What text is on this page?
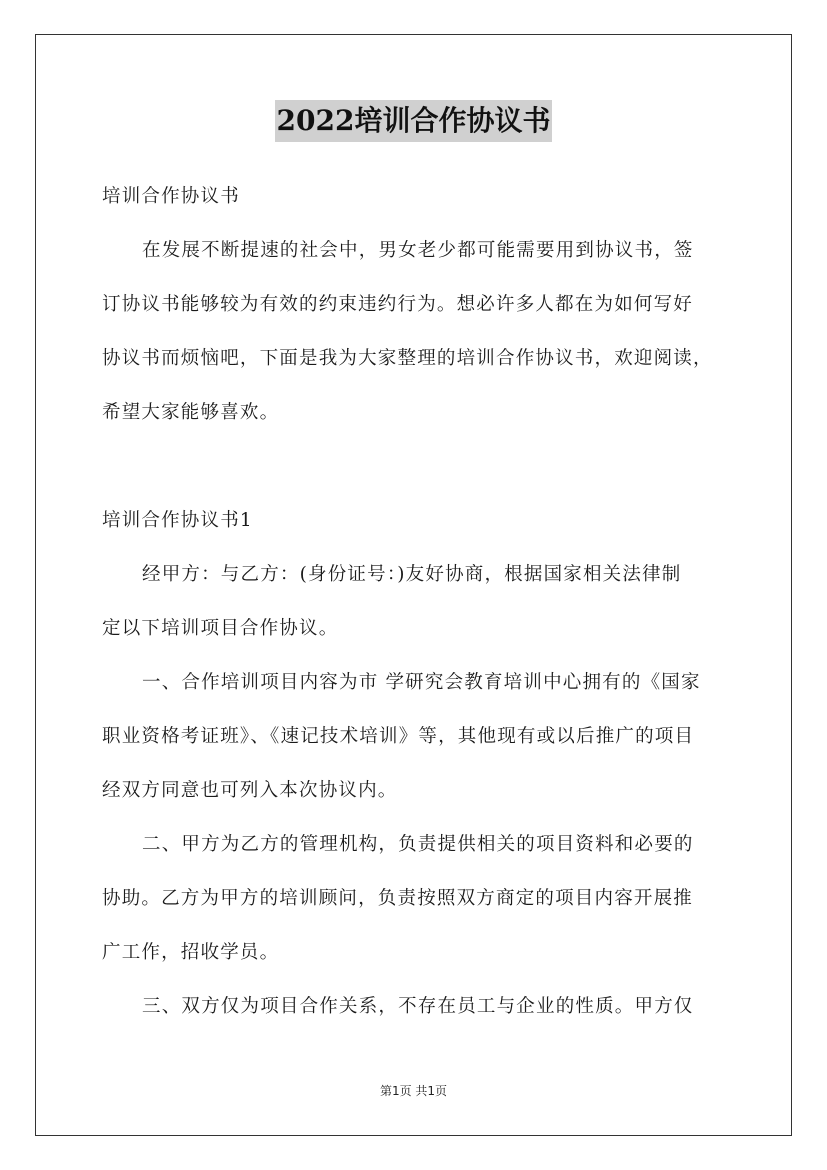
2022培训合作协议书
培训合作协议书
在发展不断提速的社会中，男女老少都可能需要用到协议书，签
订协议书能够较为有效的约束违约行为。想必许多人都在为如何写好
协议书而烦恼吧，下面是我为大家整理的培训合作协议书，欢迎阅读，
希望大家能够喜欢。
培训合作协议书1
经甲方：与乙方：(身份证号：)友好协商，根据国家相关法律制
定以下培训项目合作协议。
一、合作培训项目内容为市 学研究会教育培训中心拥有的《国家
职业资格考证班》、《速记技术培训》等，其他现有或以后推广的项目
经双方同意也可列入本次协议内。
二、甲方为乙方的管理机构，负责提供相关的项目资料和必要的
协助。乙方为甲方的培训顾问，负责按照双方商定的项目内容开展推
广工作，招收学员。
三、双方仅为项目合作关系，不存在员工与企业的性质。甲方仅
第1页 共1页
